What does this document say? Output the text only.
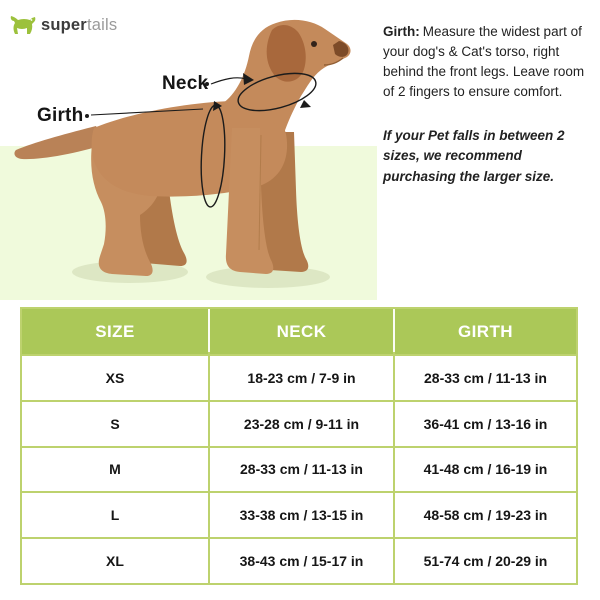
supertails
Neck
Girth
Girth: Measure the widest part of your dog's & Cat's torso, right behind the front legs. Leave room of 2 fingers to ensure comfort.
If your Pet falls in between 2 sizes, we recommend purchasing the larger size.
SIZE	NECK	GIRTH
XS	18-23 cm / 7-9 in	28-33 cm / 11-13 in
S	23-28 cm / 9-11 in	36-41 cm / 13-16 in
M	28-33 cm / 11-13 in	41-48 cm / 16-19 in
L	33-38 cm / 13-15 in	48-58 cm / 19-23 in
XL	38-43 cm / 15-17 in	51-74 cm / 20-29 in
